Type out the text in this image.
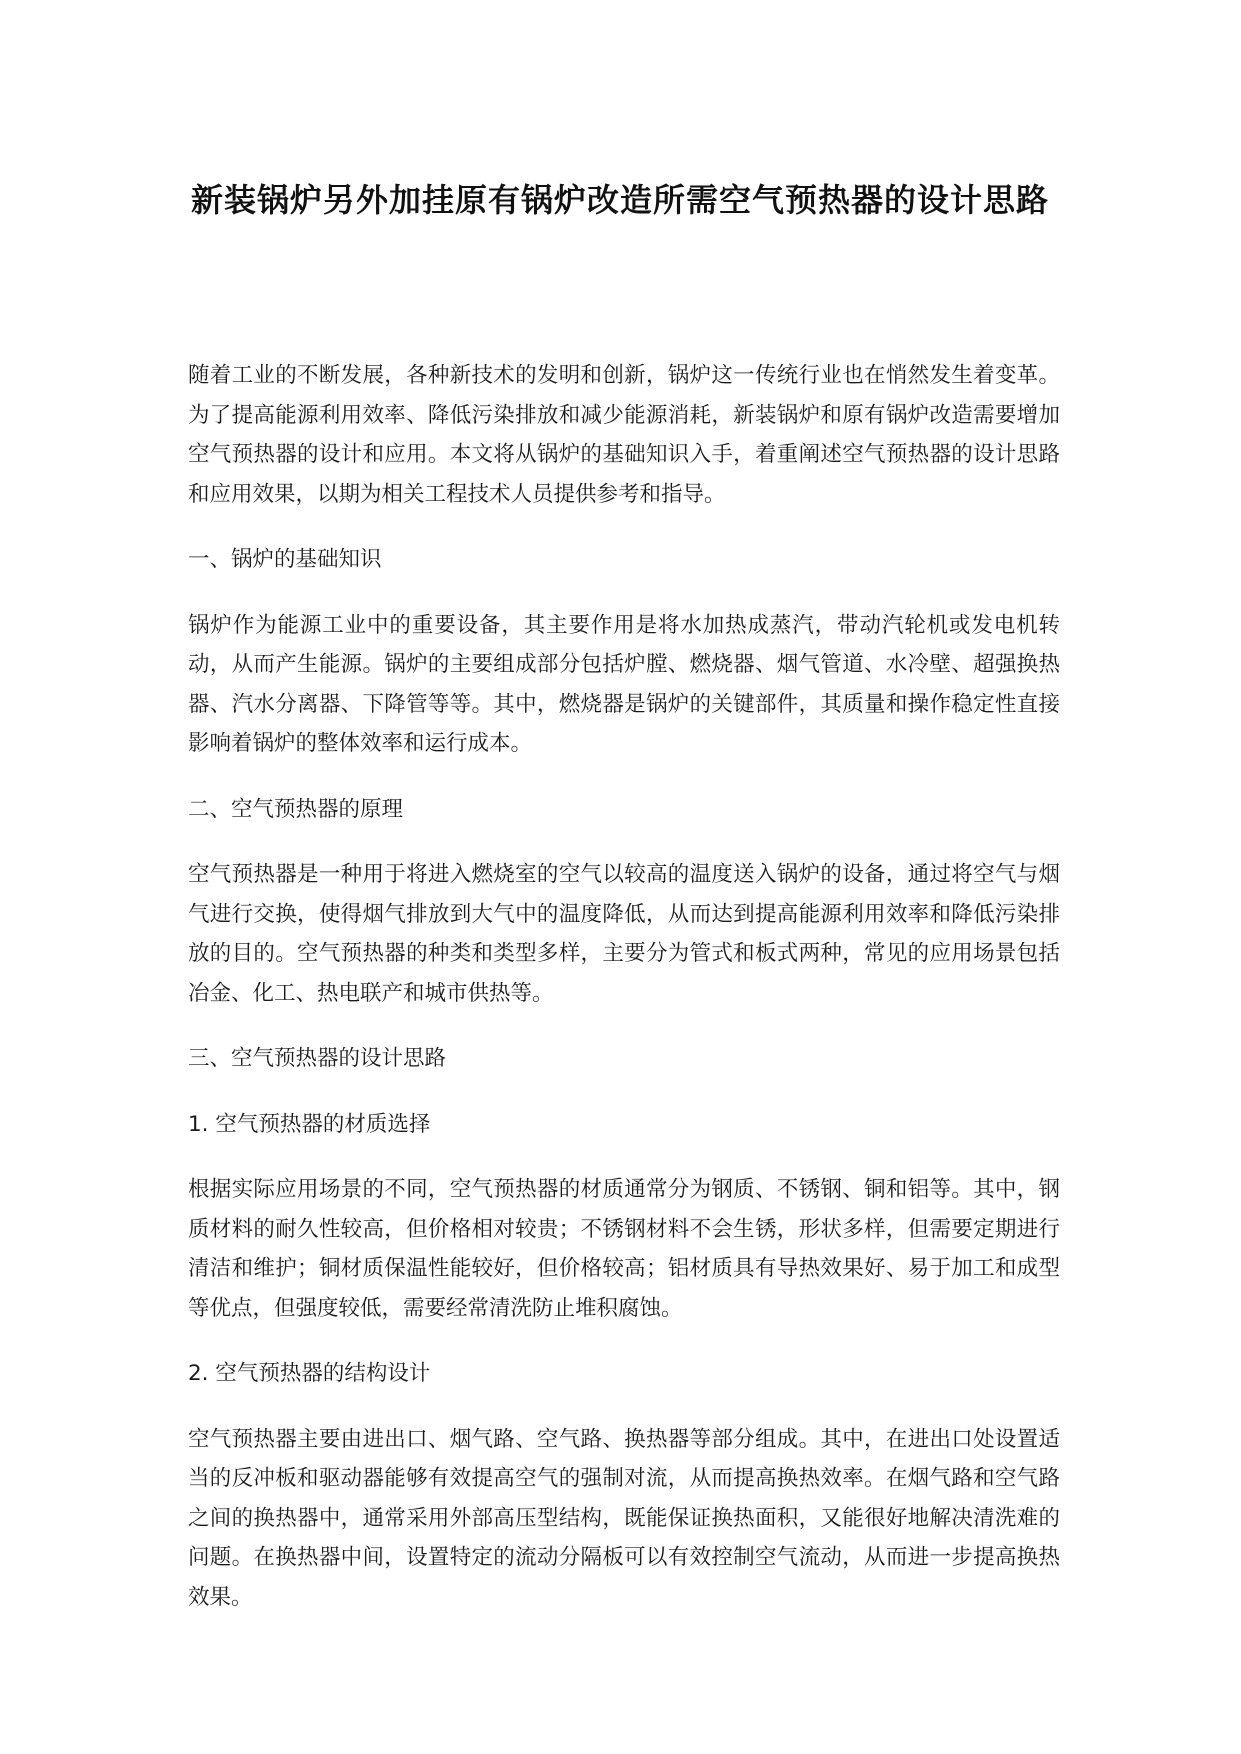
新装锅炉另外加挂原有锅炉改造所需空气预热器的设计思路

随着工业的不断发展，各种新技术的发明和创新，锅炉这一传统行业也在悄然发生着变革。为了提高能源利用效率、降低污染排放和减少能源消耗，新装锅炉和原有锅炉改造需要增加空气预热器的设计和应用。本文将从锅炉的基础知识入手，着重阐述空气预热器的设计思路和应用效果，以期为相关工程技术人员提供参考和指导。

一、锅炉的基础知识

锅炉作为能源工业中的重要设备，其主要作用是将水加热成蒸汽，带动汽轮机或发电机转动，从而产生能源。锅炉的主要组成部分包括炉膛、燃烧器、烟气管道、水冷壁、超强换热器、汽水分离器、下降管等等。其中，燃烧器是锅炉的关键部件，其质量和操作稳定性直接影响着锅炉的整体效率和运行成本。

二、空气预热器的原理

空气预热器是一种用于将进入燃烧室的空气以较高的温度送入锅炉的设备，通过将空气与烟气进行交换，使得烟气排放到大气中的温度降低，从而达到提高能源利用效率和降低污染排放的目的。空气预热器的种类和类型多样，主要分为管式和板式两种，常见的应用场景包括冶金、化工、热电联产和城市供热等。

三、空气预热器的设计思路

1. 空气预热器的材质选择

根据实际应用场景的不同，空气预热器的材质通常分为钢质、不锈钢、铜和铝等。其中，钢质材料的耐久性较高，但价格相对较贵；不锈钢材料不会生锈，形状多样，但需要定期进行清洁和维护；铜材质保温性能较好，但价格较高；铝材质具有导热效果好、易于加工和成型等优点，但强度较低，需要经常清洗防止堆积腐蚀。

2. 空气预热器的结构设计

空气预热器主要由进出口、烟气路、空气路、换热器等部分组成。其中，在进出口处设置适当的反冲板和驱动器能够有效提高空气的强制对流，从而提高换热效率。在烟气路和空气路之间的换热器中，通常采用外部高压型结构，既能保证换热面积，又能很好地解决清洗难的问题。在换热器中间，设置特定的流动分隔板可以有效控制空气流动，从而进一步提高换热效果。
